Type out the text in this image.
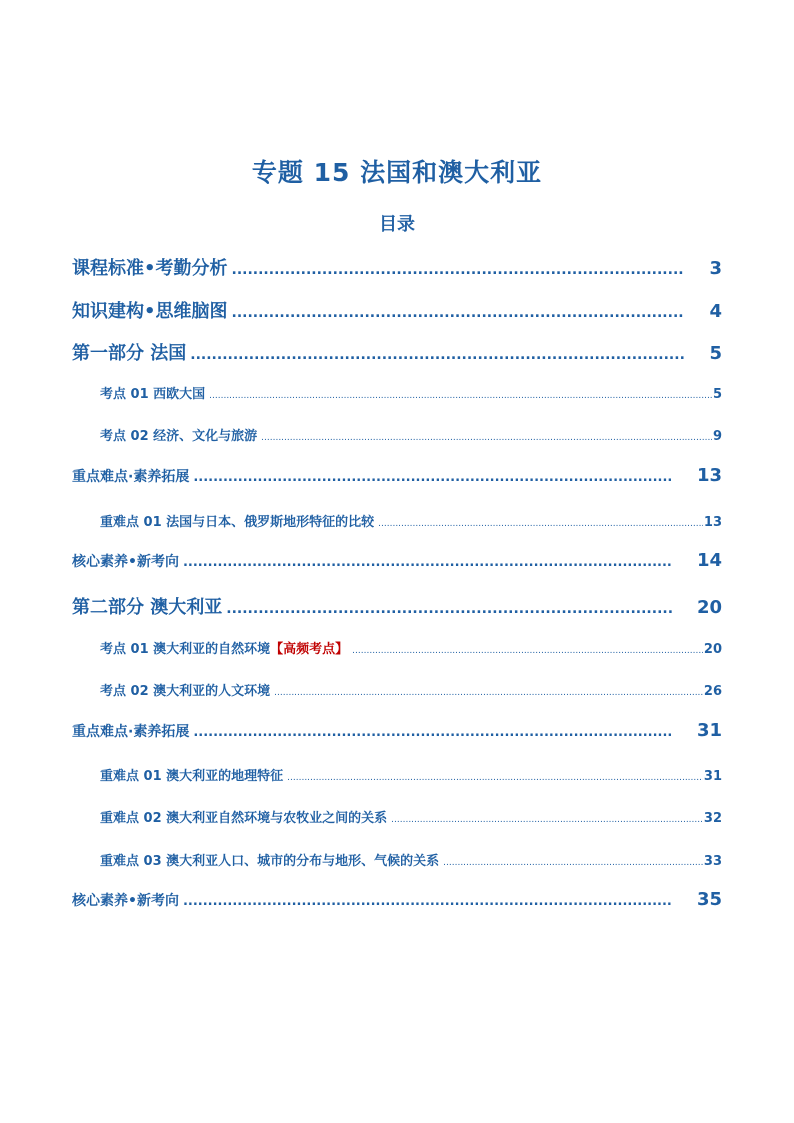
专题 15 法国和澳大利亚
目录
课程标准•考勤分析 .....	3
知识建构•思维脑图 .....	4
第一部分 法国 .....	5
考点 01 西欧大国 .....	5
考点 02 经济、文化与旅游 .....	9
重点难点·素养拓展 .....	13
重难点 01 法国与日本、俄罗斯地形特征的比较 .....	13
核心素养•新考向 .....	14
第二部分 澳大利亚 .....	20
考点 01 澳大利亚的自然环境【高频考点】 .....	20
考点 02 澳大利亚的人文环境 .....	26
重点难点·素养拓展 .....	31
重难点 01 澳大利亚的地理特征 .....	31
重难点 02 澳大利亚自然环境与农牧业之间的关系 .....	32
重难点 03 澳大利亚人口、城市的分布与地形、气候的关系 .....	33
核心素养•新考向 .....	35
